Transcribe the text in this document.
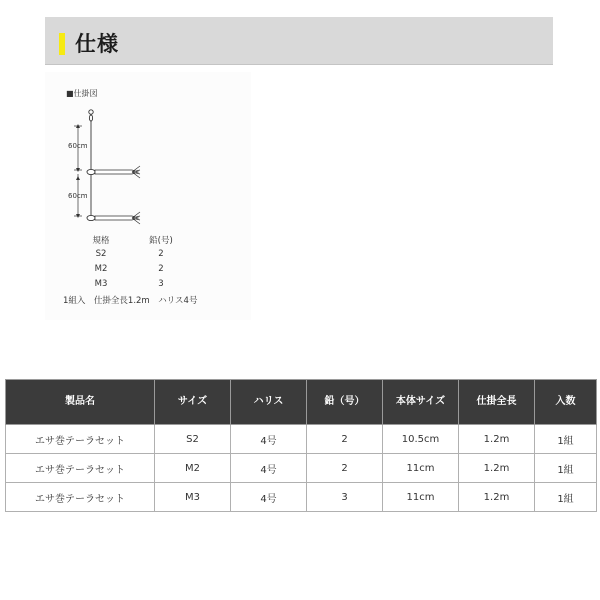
仕様
■仕掛図
60cm
60cm
規格	鉛(号)
S2	2
M2	2
M3	3
1組入　仕掛全長1.2m　ハリス4号
製品名	サイズ	ハリス	鉛（号）	本体サイズ	仕掛全長	入数
エサ巻テーラセット	S2	4号	2	10.5cm	1.2m	1組
エサ巻テーラセット	M2	4号	2	11cm	1.2m	1組
エサ巻テーラセット	M3	4号	3	11cm	1.2m	1組
